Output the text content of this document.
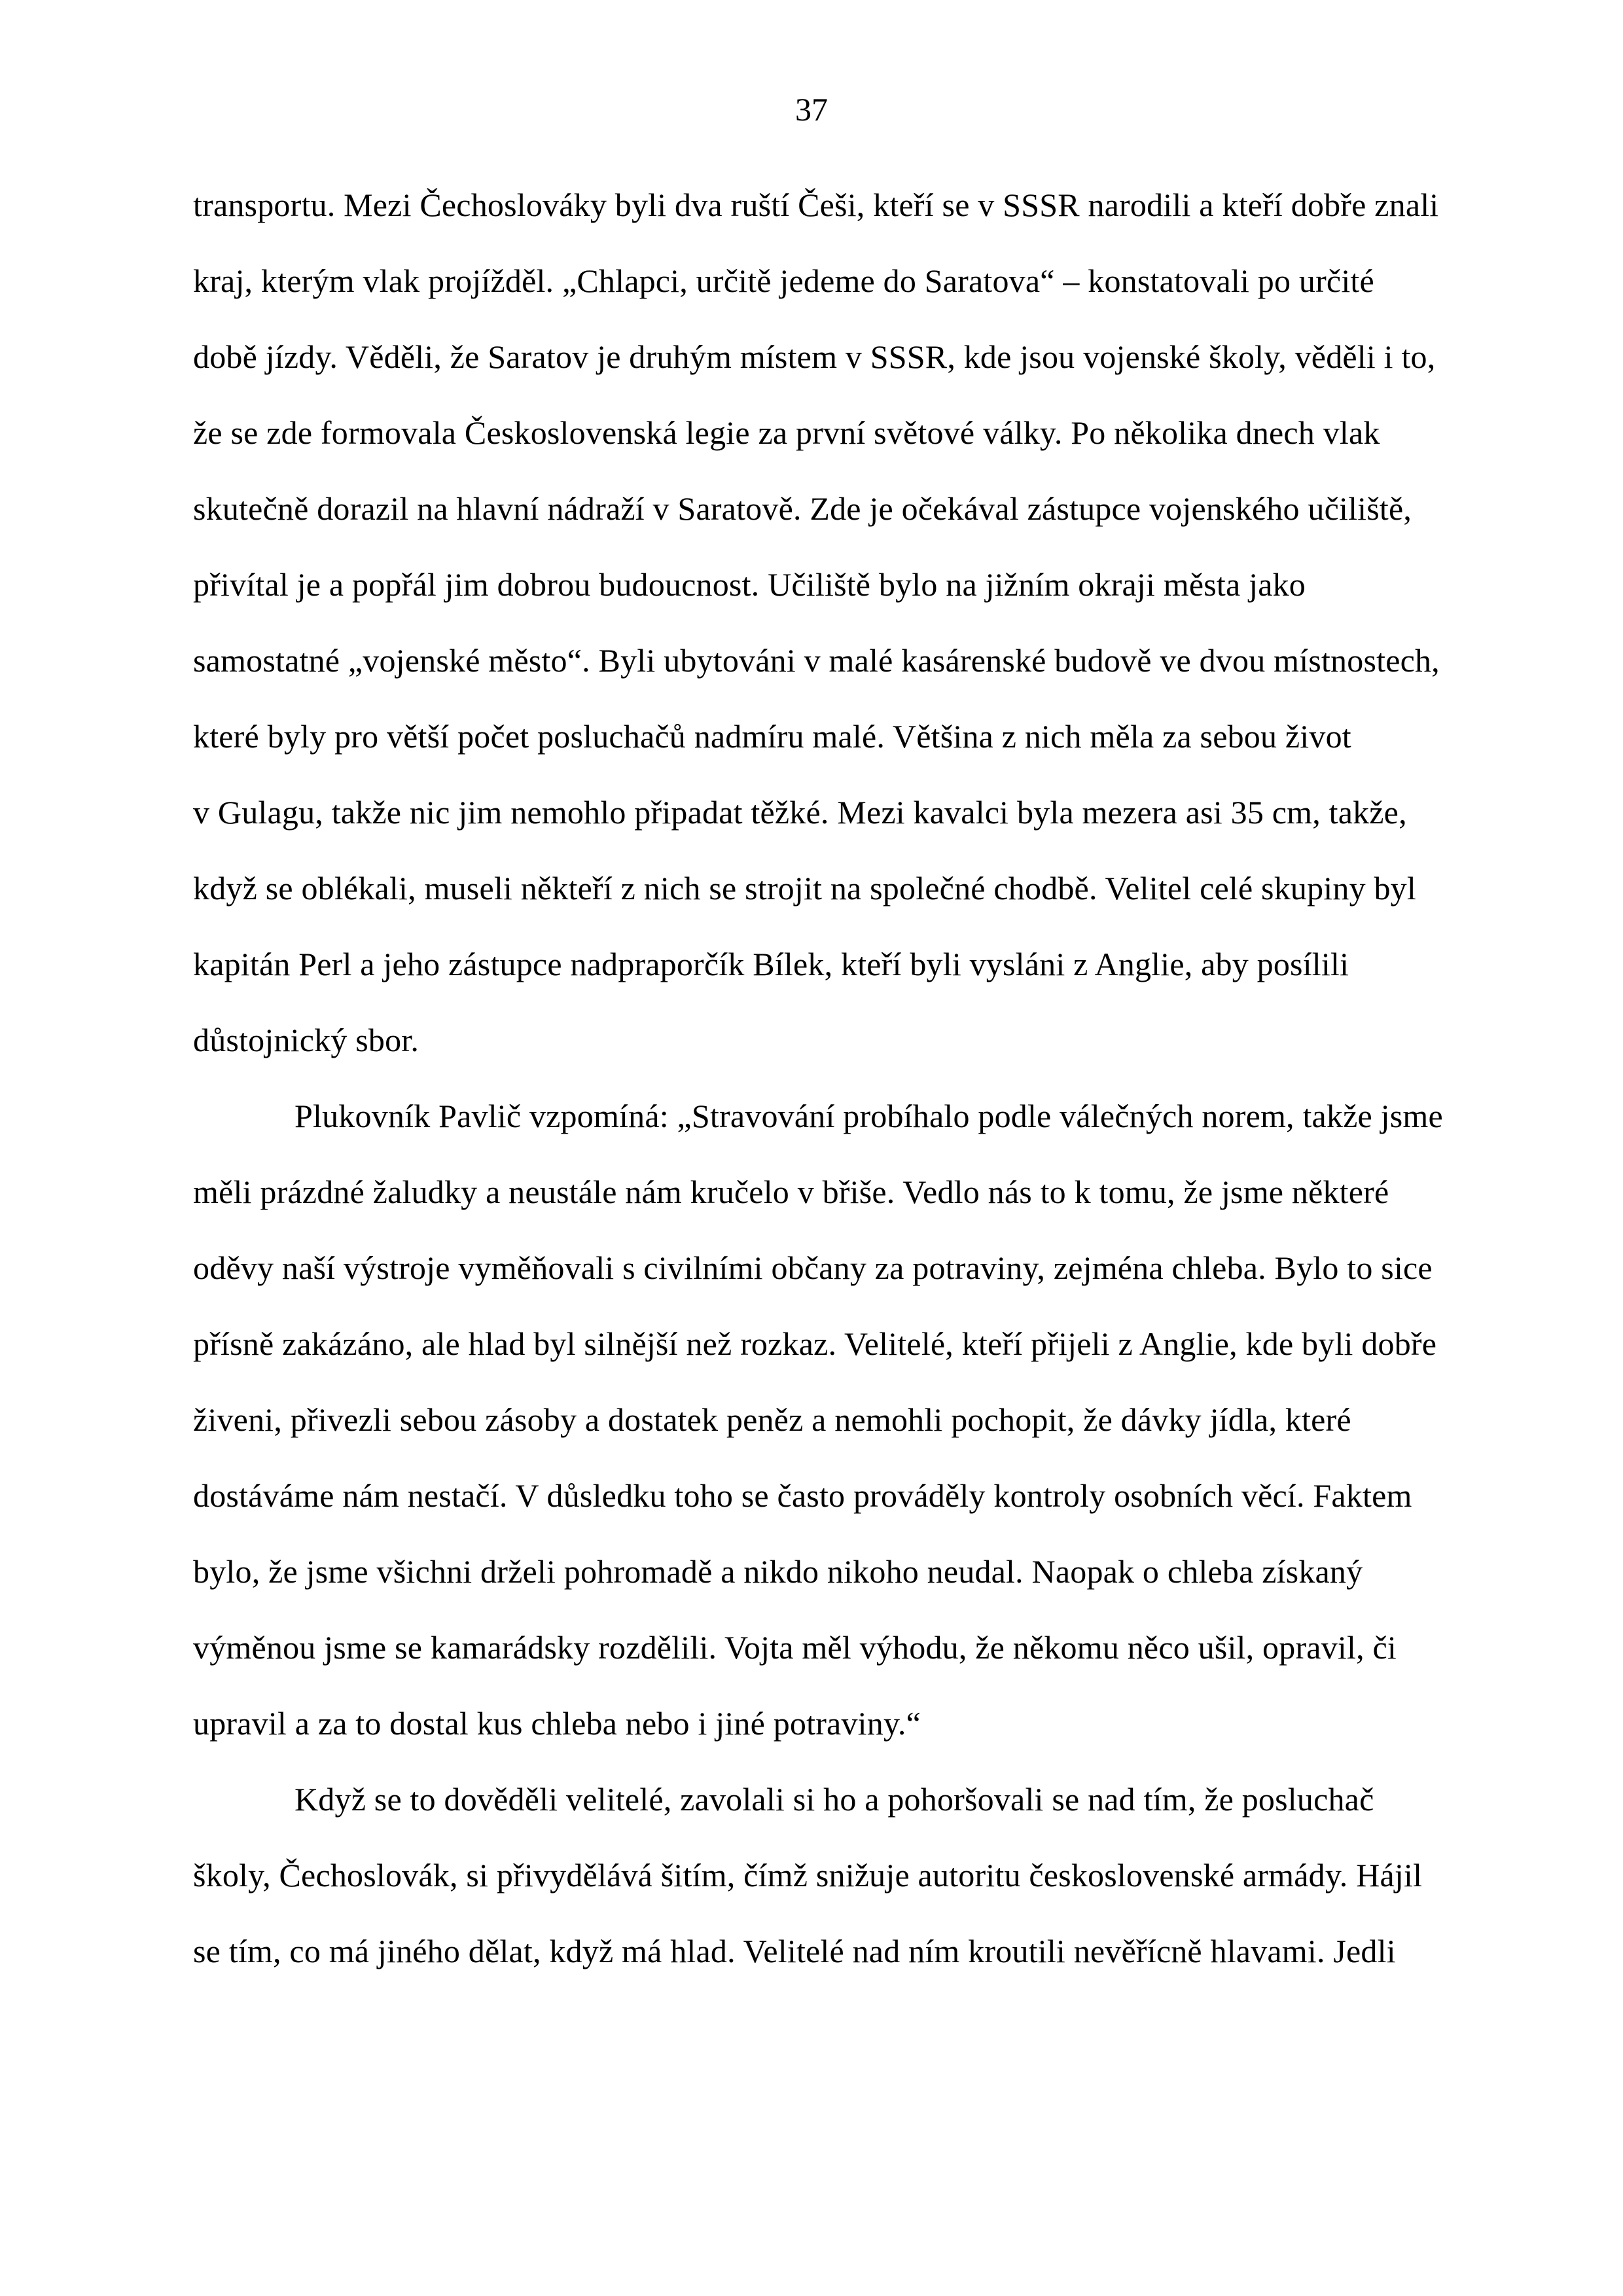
37
transportu. Mezi Čechoslováky byli dva ruští Češi, kteří se v SSSR narodili a kteří dobře znali
kraj, kterým vlak projížděl. „Chlapci, určitě jedeme do Saratova“ – konstatovali po určité
době jízdy. Věděli, že Saratov je druhým místem v SSSR, kde jsou vojenské školy, věděli i to,
že se zde formovala Československá legie za první světové války. Po několika dnech vlak
skutečně dorazil na hlavní nádraží v Saratově. Zde je očekával zástupce vojenského učiliště,
přivítal je a popřál jim dobrou budoucnost. Učiliště bylo na jižním okraji města jako
samostatné „vojenské město“. Byli ubytováni v malé kasárenské budově ve dvou místnostech,
které byly pro větší počet posluchačů nadmíru malé. Většina z nich měla za sebou život
v Gulagu, takže nic jim nemohlo připadat těžké. Mezi kavalci byla mezera asi 35 cm, takže,
když se oblékali, museli někteří z nich se strojit na společné chodbě. Velitel celé skupiny byl
kapitán Perl a jeho zástupce nadpraporčík Bílek, kteří byli vysláni z Anglie, aby posílili
důstojnický sbor.
Plukovník Pavlič vzpomíná: „Stravování probíhalo podle válečných norem, takže jsme
měli prázdné žaludky a neustále nám kručelo v břiše. Vedlo nás to k tomu, že jsme některé
oděvy naší výstroje vyměňovali s civilními občany za potraviny, zejména chleba. Bylo to sice
přísně zakázáno, ale hlad byl silnější než rozkaz. Velitelé, kteří přijeli z Anglie, kde byli dobře
živeni, přivezli sebou zásoby a dostatek peněz a nemohli pochopit, že dávky jídla, které
dostáváme nám nestačí. V důsledku toho se často prováděly kontroly osobních věcí. Faktem
bylo, že jsme všichni drželi pohromadě a nikdo nikoho neudal. Naopak o chleba získaný
výměnou jsme se kamarádsky rozdělili. Vojta měl výhodu, že někomu něco ušil, opravil, či
upravil a za to dostal kus chleba nebo i jiné potraviny.“
Když se to dověděli velitelé, zavolali si ho a pohoršovali se nad tím, že posluchač
školy, Čechoslovák, si přivydělává šitím, čímž snižuje autoritu československé armády. Hájil
se tím, co má jiného dělat, když má hlad. Velitelé nad ním kroutili nevěřícně hlavami. Jedli
